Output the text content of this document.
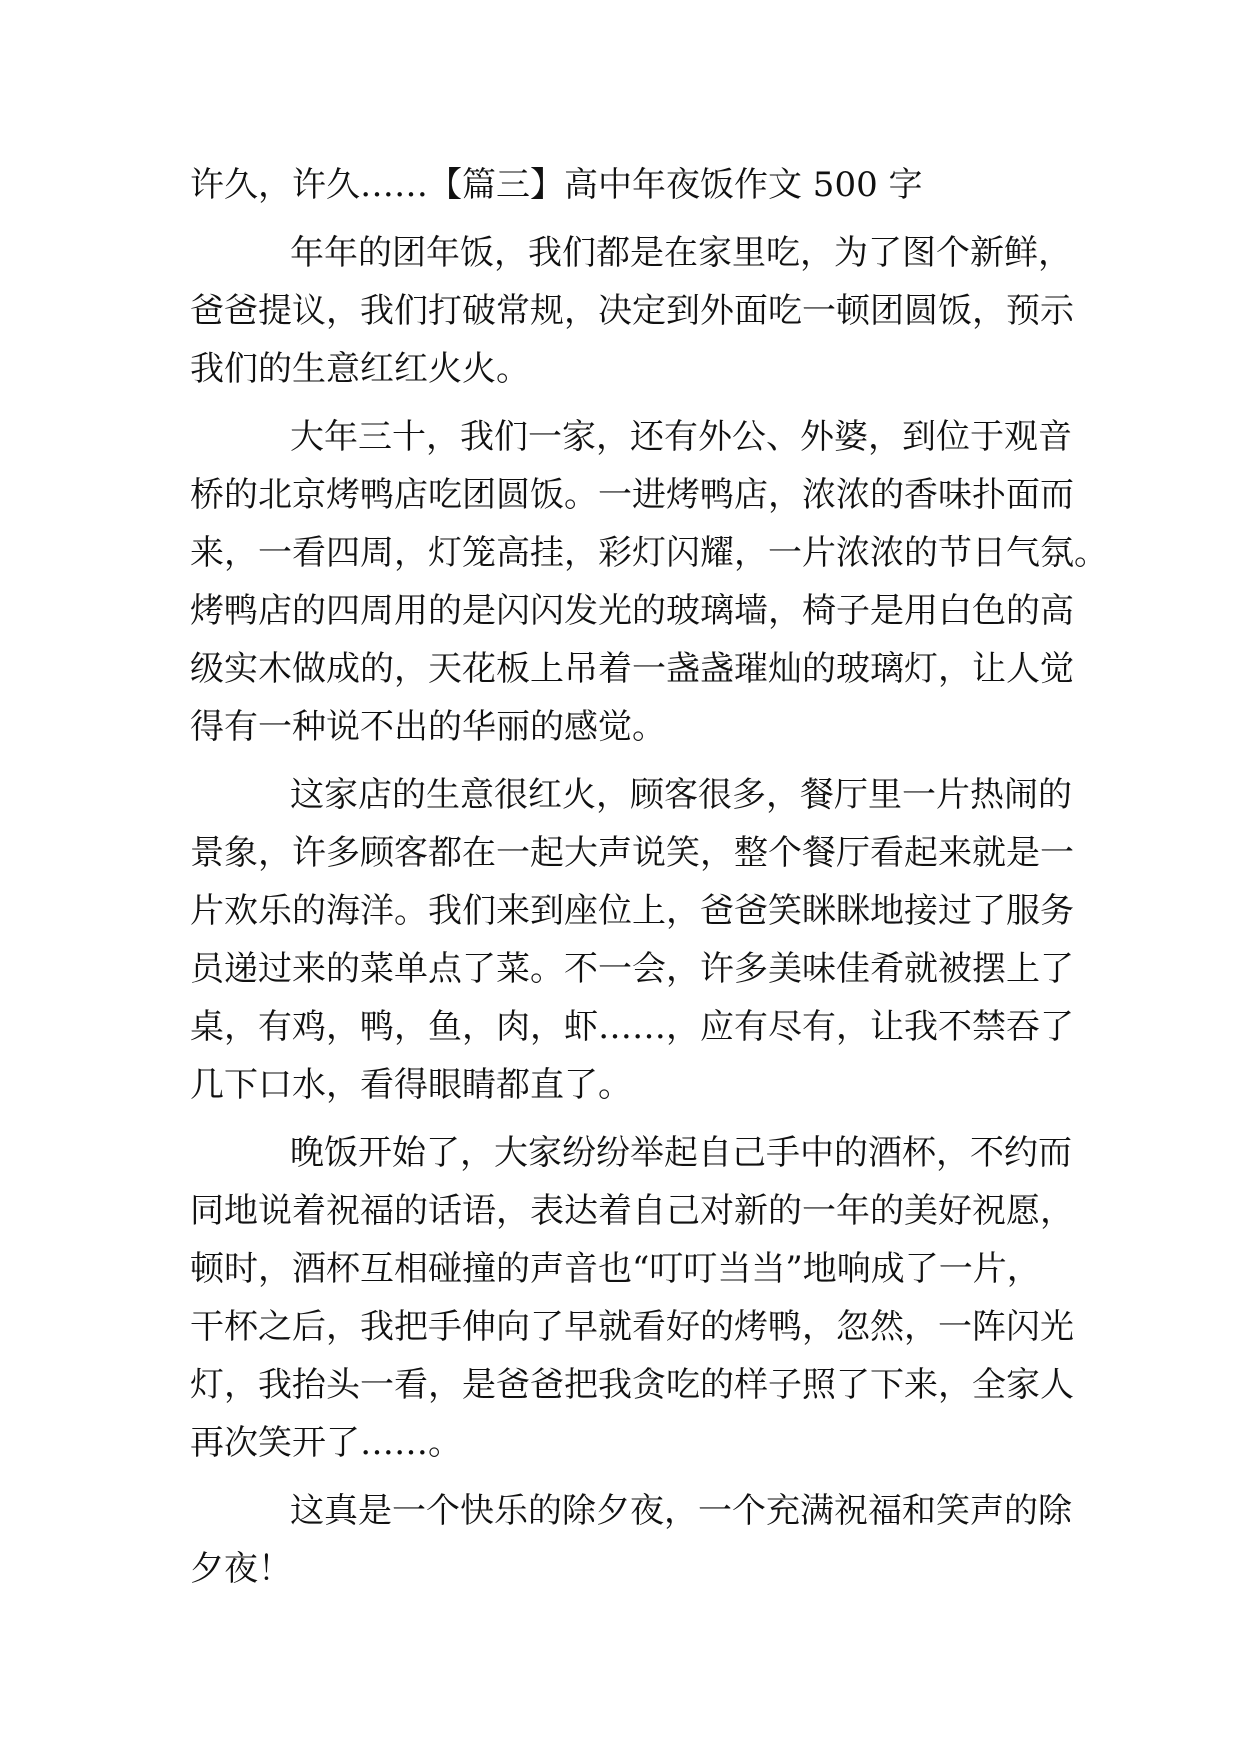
许久，许久……【篇三】高中年夜饭作文 500 字
年年的团年饭，我们都是在家里吃，为了图个新鲜，
爸爸提议，我们打破常规，决定到外面吃一顿团圆饭，预示
我们的生意红红火火。
大年三十，我们一家，还有外公、外婆，到位于观音
桥的北京烤鸭店吃团圆饭。一进烤鸭店，浓浓的香味扑面而
来，一看四周，灯笼高挂，彩灯闪耀，一片浓浓的节日气氛。
烤鸭店的四周用的是闪闪发光的玻璃墙，椅子是用白色的高
级实木做成的，天花板上吊着一盏盏璀灿的玻璃灯，让人觉
得有一种说不出的华丽的感觉。
这家店的生意很红火，顾客很多，餐厅里一片热闹的
景象，许多顾客都在一起大声说笑，整个餐厅看起来就是一
片欢乐的海洋。我们来到座位上，爸爸笑眯眯地接过了服务
员递过来的菜单点了菜。不一会，许多美味佳肴就被摆上了
桌，有鸡，鸭，鱼，肉，虾……，应有尽有，让我不禁吞了
几下口水，看得眼睛都直了。
晚饭开始了，大家纷纷举起自己手中的酒杯，不约而
同地说着祝福的话语，表达着自己对新的一年的美好祝愿，
顿时，酒杯互相碰撞的声音也“叮叮当当”地响成了一片，
干杯之后，我把手伸向了早就看好的烤鸭，忽然，一阵闪光
灯，我抬头一看，是爸爸把我贪吃的样子照了下来，全家人
再次笑开了……。
这真是一个快乐的除夕夜，一个充满祝福和笑声的除
夕夜！
